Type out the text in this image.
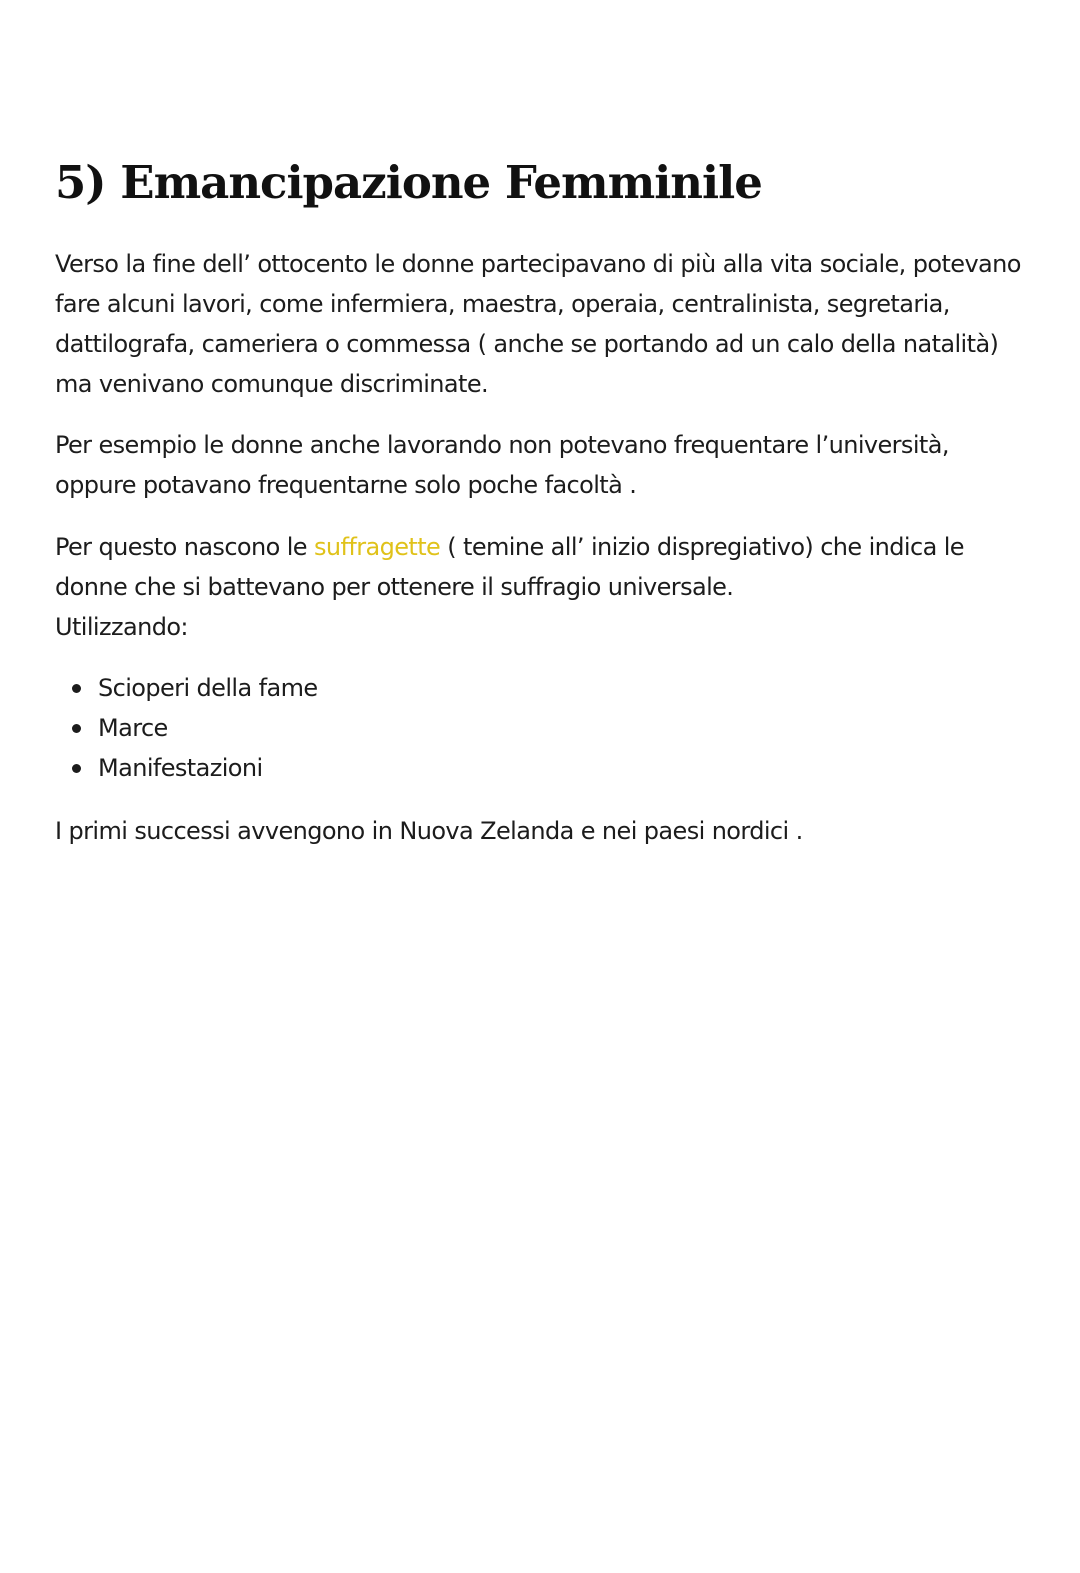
5) Emancipazione Femminile

Verso la fine dell’ ottocento le donne partecipavano di più alla vita sociale, potevano

fare alcuni lavori, come infermiera, maestra, operaia, centralinista, segretaria,

dattilografa, cameriera o commessa ( anche se portando ad un calo della natalità)

ma venivano comunque discriminate.

Per esempio le donne anche lavorando non potevano frequentare l’università,

oppure potavano frequentarne solo poche facoltà .

Per questo nascono le suffragette ( temine all’ inizio dispregiativo) che indica le

donne che si battevano per ottenere il suffragio universale.

Utilizzando:

Scioperi della fame
Marce
Manifestazioni

I primi successi avvengono in Nuova Zelanda e nei paesi nordici .
